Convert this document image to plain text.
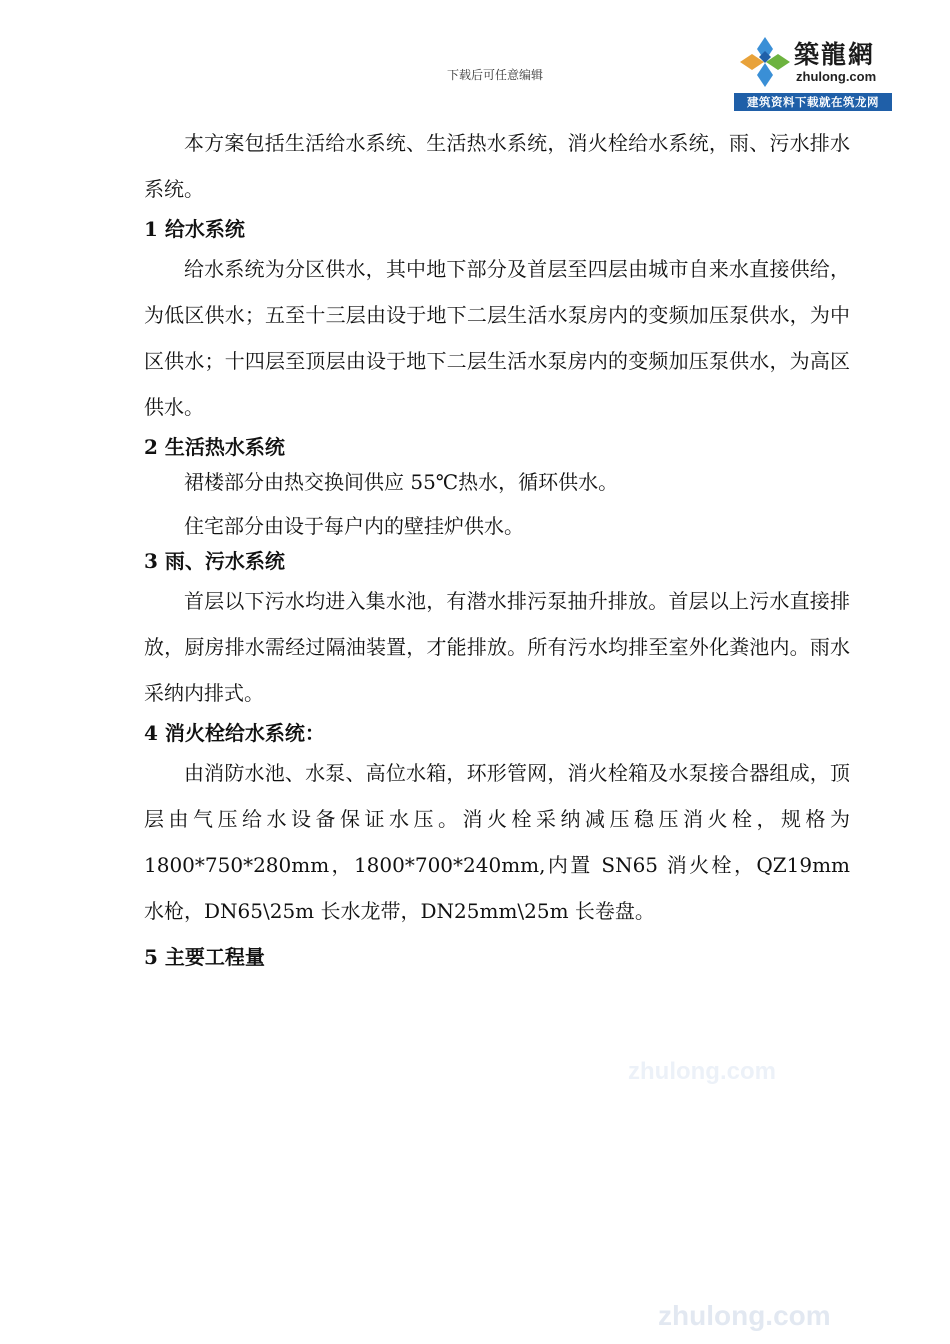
下载后可任意编辑
築龍網
zhulong.com
建筑资料下载就在筑龙网

本方案包括生活给水系统、生活热水系统，消火栓给水系统，雨、污水排水系统。

1 给水系统

给水系统为分区供水，其中地下部分及首层至四层由城市自来水直接供给，为低区供水；五至十三层由设于地下二层生活水泵房内的变频加压泵供水，为中区供水；十四层至顶层由设于地下二层生活水泵房内的变频加压泵供水，为高区供水。

2 生活热水系统

裙楼部分由热交换间供应 55℃热水，循环供水。

住宅部分由设于每户内的壁挂炉供水。

3 雨、污水系统

首层以下污水均进入集水池，有潜水排污泵抽升排放。首层以上污水直接排放，厨房排水需经过隔油装置，才能排放。所有污水均排至室外化粪池内。雨水采纳内排式。

4 消火栓给水系统：

由消防水池、水泵、高位水箱，环形管网，消火栓箱及水泵接合器组成，顶层由气压给水设备保证水压。消火栓采纳减压稳压消火栓，规格为 1800*750*280mm，1800*700*240mm,内置 SN65 消火栓，QZ19mm 水枪，DN65\25m 长水龙带，DN25mm\25m 长卷盘。

5 主要工程量
zhulong.com
zhulong.com
